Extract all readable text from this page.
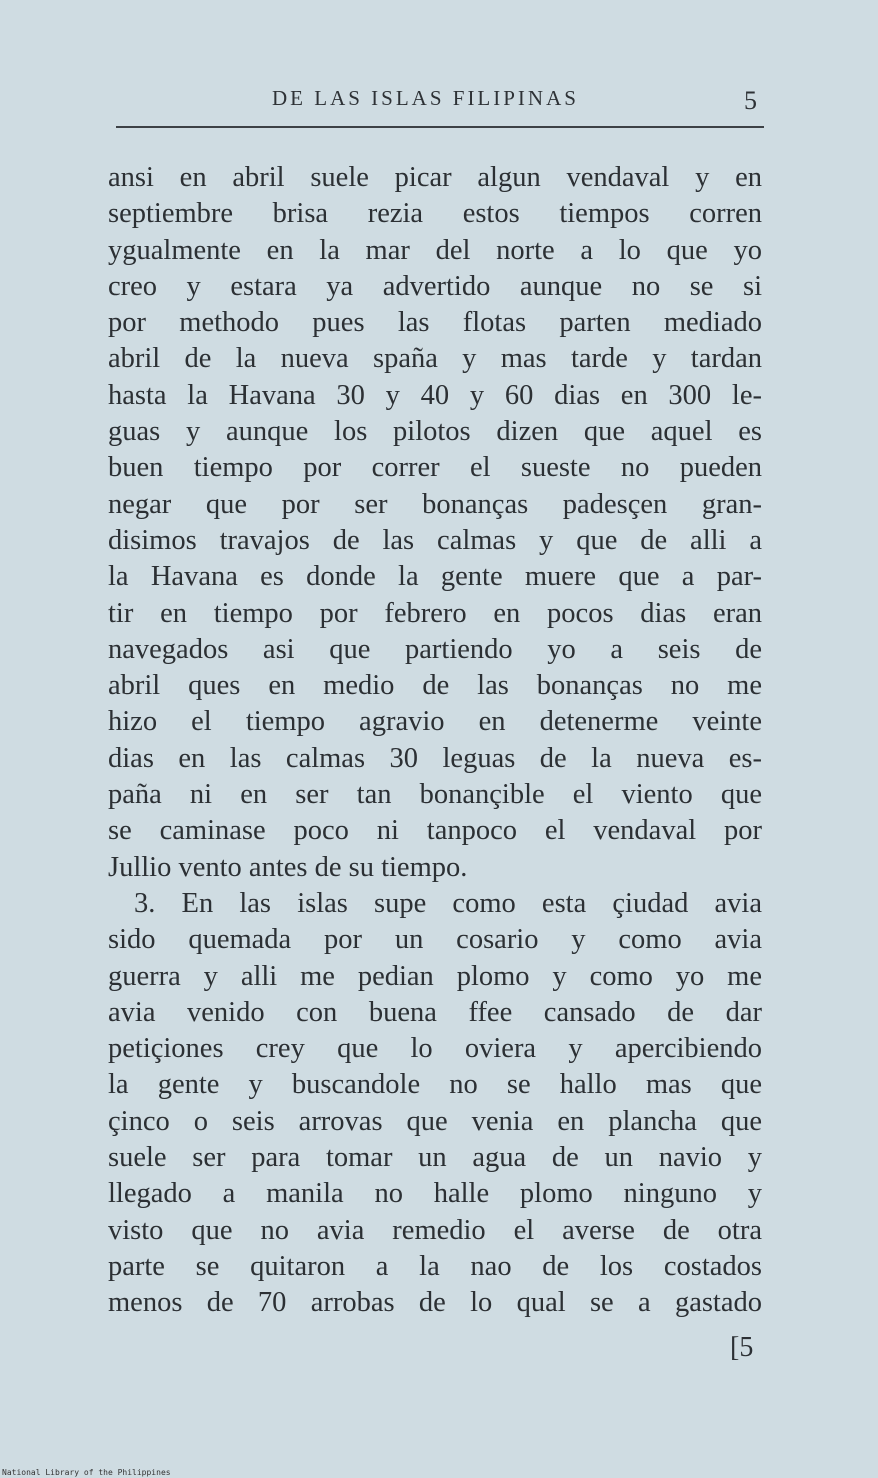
DE LAS ISLAS FILIPINAS	5
ansi en abril suele picar algun vendaval y en
septiembre brisa rezia estos tiempos corren
ygualmente en la mar del norte a lo que yo
creo y estara ya advertido aunque no se si
por methodo pues las flotas parten mediado
abril de la nueva spaña y mas tarde y tardan
hasta la Havana 30 y 40 y 60 dias en 300 le-
guas y aunque los pilotos dizen que aquel es
buen tiempo por correr el sueste no pueden
negar que por ser bonanças padesçen gran-
disimos travajos de las calmas y que de alli a
la Havana es donde la gente muere que a par-
tir en tiempo por febrero en pocos dias eran
navegados asi que partiendo yo a seis de
abril ques en medio de las bonanças no me
hizo el tiempo agravio en detenerme veinte
dias en las calmas 30 leguas de la nueva es-
paña ni en ser tan bonançible el viento que
se caminase poco ni tanpoco el vendaval por
Jullio vento antes de su tiempo.
3. En las islas supe como esta çiudad avia
sido quemada por un cosario y como avia
guerra y alli me pedian plomo y como yo me
avia venido con buena ffee cansado de dar
petiçiones crey que lo oviera y apercibiendo
la gente y buscandole no se hallo mas que
çinco o seis arrovas que venia en plancha que
suele ser para tomar un agua de un navio y
llegado a manila no halle plomo ninguno y
visto que no avia remedio el averse de otra
parte se quitaron a la nao de los costados
menos de 70 arrobas de lo qual se a gastado
[5
National Library of the Philippines
